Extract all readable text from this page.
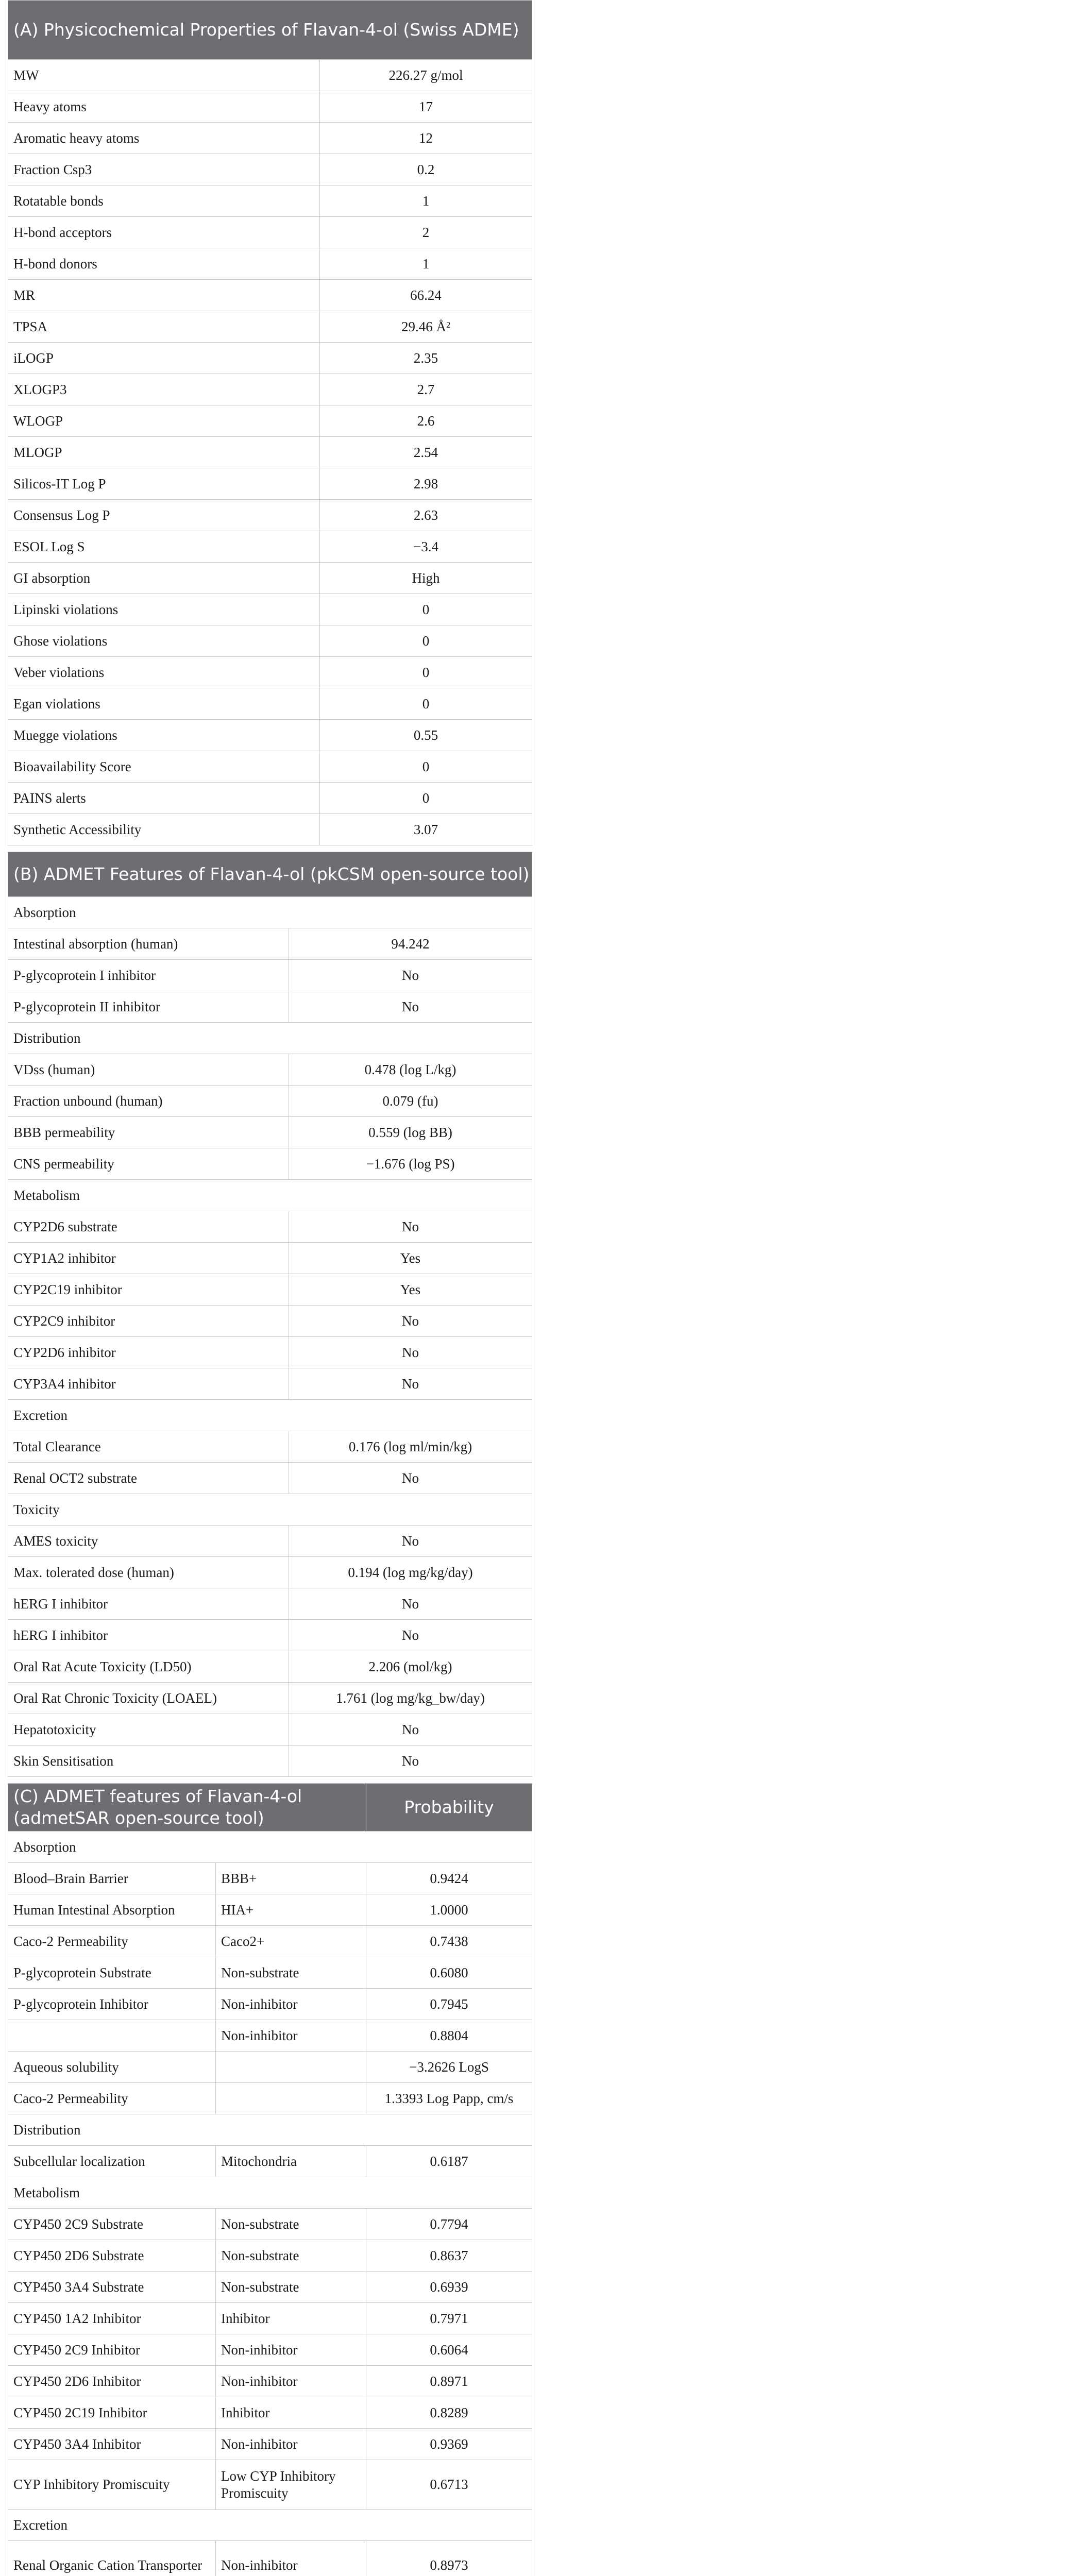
(A) Physicochemical Properties of Flavan-4-ol (Swiss ADME)	
MW	226.27 g/mol
Heavy atoms	17
Aromatic heavy atoms	12
Fraction Csp3	0.2
Rotatable bonds	1
H-bond acceptors	2
H-bond donors	1
MR	66.24
TPSA	29.46 Å²
iLOGP	2.35
XLOGP3	2.7
WLOGP	2.6
MLOGP	2.54
Silicos-IT Log P	2.98
Consensus Log P	2.63
ESOL Log S	−3.4
GI absorption	High
Lipinski violations	0
Ghose violations	0
Veber violations	0
Egan violations	0
Muegge violations	0.55
Bioavailability Score	0
PAINS alerts	0
Synthetic Accessibility	3.07
(B) ADMET Features of Flavan-4-ol (pkCSM open-source tool)	
Absorption	
Intestinal absorption (human)	94.242
P-glycoprotein I inhibitor	No
P-glycoprotein II inhibitor	No
Distribution	
VDss (human)	0.478 (log L/kg)
Fraction unbound (human)	0.079 (fu)
BBB permeability	0.559 (log BB)
CNS permeability	−1.676 (log PS)
Metabolism	
CYP2D6 substrate	No
CYP1A2 inhibitor	Yes
CYP2C19 inhibitor	Yes
CYP2C9 inhibitor	No
CYP2D6 inhibitor	No
CYP3A4 inhibitor	No
Excretion	
Total Clearance	0.176 (log ml/min/kg)
Renal OCT2 substrate	No
Toxicity	
AMES toxicity	No
Max. tolerated dose (human)	0.194 (log mg/kg/day)
hERG I inhibitor	No
hERG I inhibitor	No
Oral Rat Acute Toxicity (LD50)	2.206 (mol/kg)
Oral Rat Chronic Toxicity (LOAEL)	1.761 (log mg/kg_bw/day)
Hepatotoxicity	No
Skin Sensitisation	No
(C) ADMET features of Flavan-4-ol (admetSAR open-source tool)		Probability
Absorption		
Blood–Brain Barrier	BBB+	0.9424
Human Intestinal Absorption	HIA+	1.0000
Caco-2 Permeability	Caco2+	0.7438
P-glycoprotein Substrate	Non-substrate	0.6080
P-glycoprotein Inhibitor	Non-inhibitor	0.7945
	Non-inhibitor	0.8804
Aqueous solubility		−3.2626 LogS
Caco-2 Permeability		1.3393 Log Papp, cm/s
Distribution		
Subcellular localization	Mitochondria	0.6187
Metabolism		
CYP450 2C9 Substrate	Non-substrate	0.7794
CYP450 2D6 Substrate	Non-substrate	0.8637
CYP450 3A4 Substrate	Non-substrate	0.6939
CYP450 1A2 Inhibitor	Inhibitor	0.7971
CYP450 2C9 Inhibitor	Non-inhibitor	0.6064
CYP450 2D6 Inhibitor	Non-inhibitor	0.8971
CYP450 2C19 Inhibitor	Inhibitor	0.8289
CYP450 3A4 Inhibitor	Non-inhibitor	0.9369
CYP Inhibitory Promiscuity	Low CYP Inhibitory Promiscuity	0.6713
Excretion		
Renal Organic Cation Transporter	Non-inhibitor	0.8973
